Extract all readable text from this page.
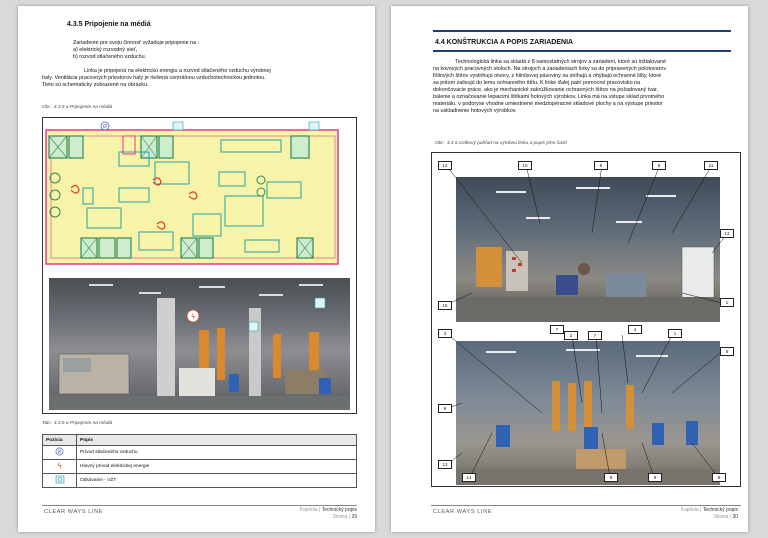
4.3.5 Pripojenie na médiá
Zariadenie pre svoju činnosť vyžaduje pripojenie na :
a) elektrický rozvodný sieť,
b) rozvod stlačeného vzduchu.
Linka je pripojená na elektrickú energiu a rozvod stlačeného vzduchu výrobnej
haly. Ventilácia pracovných priestorov haly je riešená centrálnou vzduchotechnickou jednotou.
Tieto sú schematicky zobrazené na obrázku.
Obr.: 4.3.5 a Pripojenie na médiá
Ø
ϟ
Tab.: 4.3.5 a Pripojenie na médiá
Pozícia	Popis

Ø	Prívod stlačeného vzduchu

ϟ	Hlavný prívod elektrickej energie
	Odsávanie - VZT
CLEAR WAYS LINE	Kapitola | Technický popis
Strana | 29
4.4 KONŠTRUKCIA A POPIS ZARIADENIA
Technologická linka sa skladá z 8 samostatných strojov a zariadení, ktoré sú inštalované
na kovových pracovných stoloch. Na strojoch a zariadeniach linky sa do pripravených polotovarov
fóliových štítov vystrihujú otvory, z hliníkovej pásoviny sa strihajú a ohýbajú ochranné lišty, ktoré
sa potom zalisujú do lemu ochranného štítu. K linke ďalej patrí pomocné pracovisko na
dokončovacie práce, ako je mechanické zakrúžkovanie ochranných štítov na požadovaný tvar,
balenie a označovanie lepiacimi štítkami hotových výrobkov. Linka má na vstupe sklad prvotného
materiálu, v podoryse vhodne umiestnené medziopéracné skladové plochy a na výstupe priestor
na uskladnenie hotových výrobkov.
Obr.: 4.4 a Celkový pohľad na výrobnú linku a popis jeho častí
12	10	9	8	11
13
1
15
7
3	2	7
4
1
5
6
13
14	8	9	8
CLEAR WAYS LINE	Kapitola | Technický popis
Strana | 30
